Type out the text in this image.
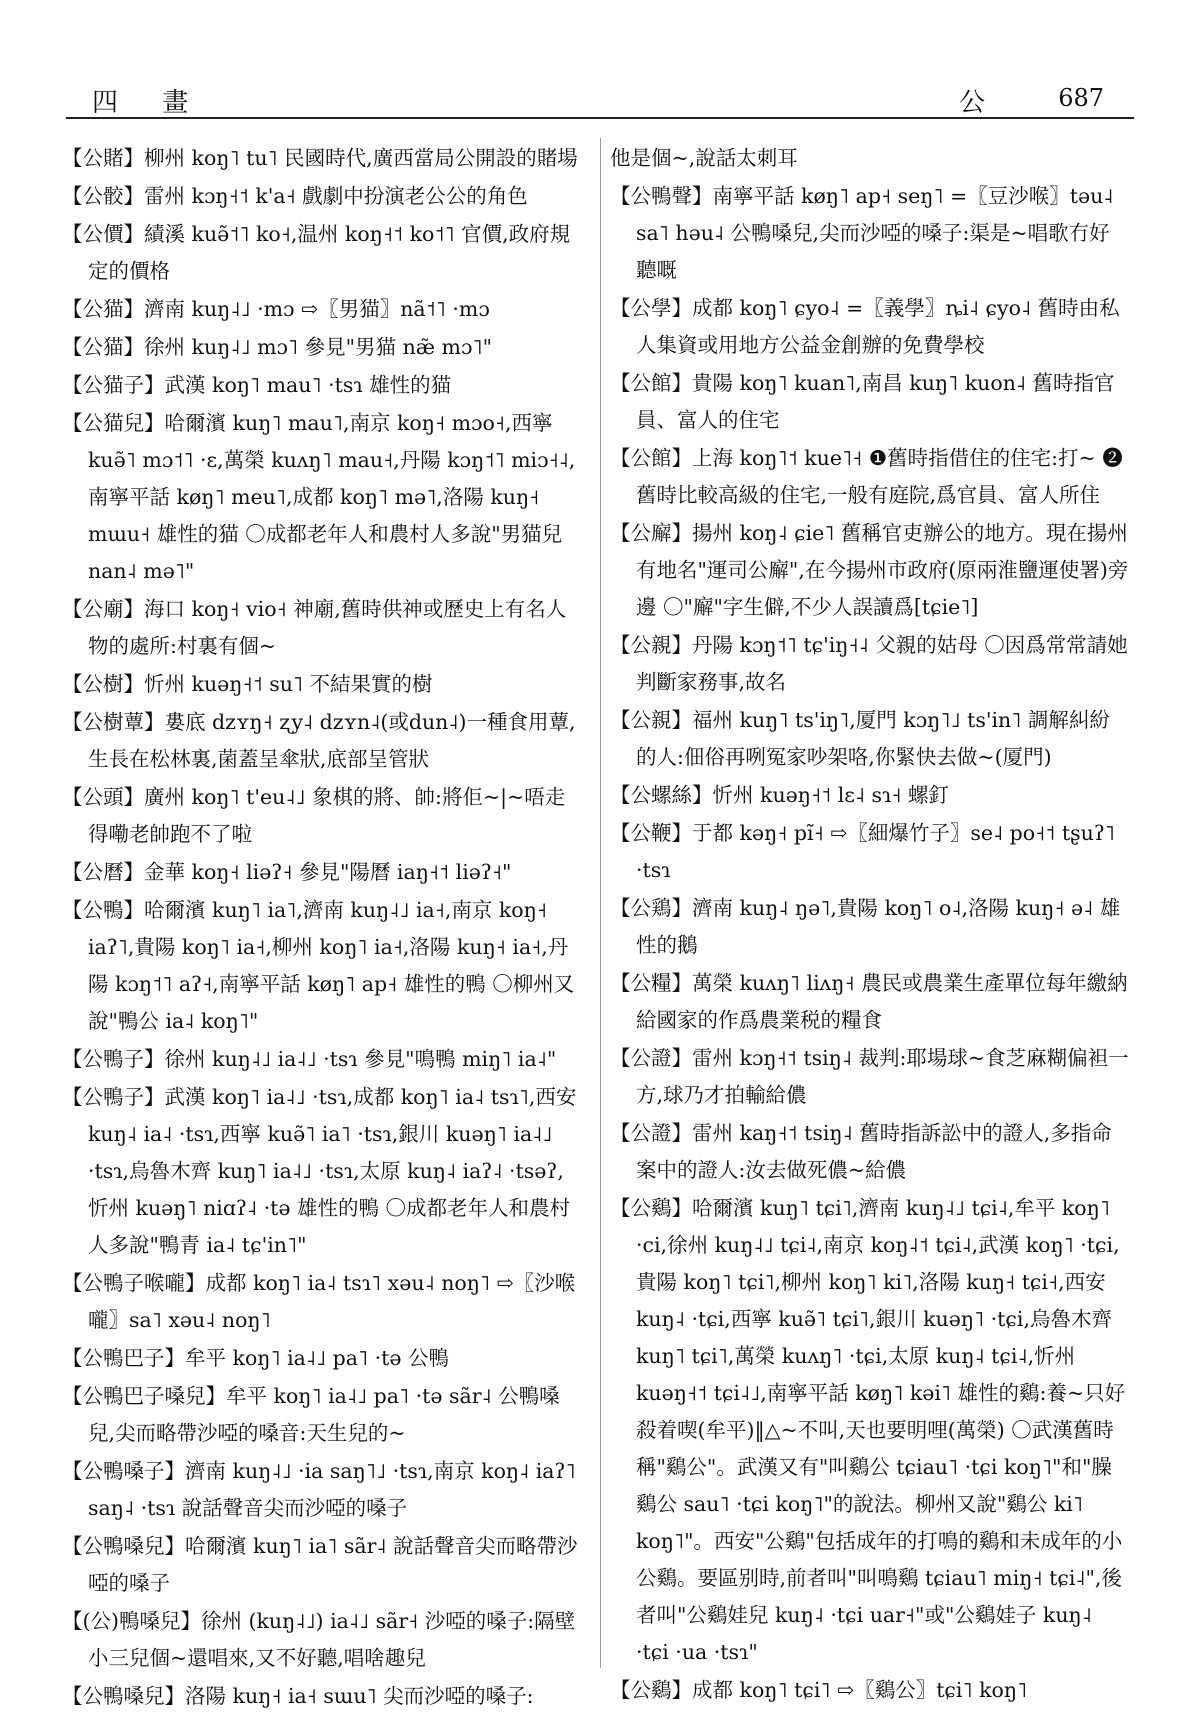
四 畫	公	687
【公賭】柳州 koŋ˥ tu˥ 民國時代,廣西當局公開設的賭場
【公骹】雷州 kɔŋ˧˦ k'a˧ 戲劇中扮演老公公的角色
【公價】績溪 kuə̃˦˥ ko˧,温州 koŋ˧˦ ko˦˥ 官價,政府規定的價格
【公猫】濟南 kuŋ˨˩ ·mɔ ⇨〖男猫〗nã˦˥ ·mɔ
【公猫】徐州 kuŋ˨˩ mɔ˥ 參見"男猫 næ̃ mɔ˥"
【公猫子】武漢 koŋ˥ mau˥ ·tsɿ 雄性的猫
【公猫兒】哈爾濱 kuŋ˥ mau˥,南京 koŋ˧ mɔo˧,西寧 kuə̃˥ mɔ˦˥ ·ε,萬榮 kuʌŋ˥ mau˧,丹陽 kɔŋ˦˥ miɔ˧˨,南寧平話 køŋ˥ meu˥,成都 koŋ˥ mə˥,洛陽 kuŋ˧ mɯu˧ 雄性的猫 〇成都老年人和農村人多說"男猫兒 nan˨ mə˥"
【公廟】海口 koŋ˧ vio˧ 神廟,舊時供神或歷史上有名人物的處所:村裏有個~
【公樹】忻州 kuəŋ˧˦ su˥ 不結果實的樹
【公樹蕈】婁底 dzʏŋ˧ ʐy˨ dzʏn˨(或dun˨)一種食用蕈,生長在松林裏,菌蓋呈傘狀,底部呈管狀
【公頭】廣州 koŋ˥ t'eu˨˩ 象棋的將、帥:將佢~|~唔走得嘞老帥跑不了啦
【公曆】金華 koŋ˧ liəʔ˧ 參見"陽曆 iaŋ˧˦ liəʔ˧"
【公鴨】哈爾濱 kuŋ˥ ia˥,濟南 kuŋ˨˩ ia˧,南京 koŋ˧ iaʔ˥,貴陽 koŋ˥ ia˧,柳州 koŋ˥ ia˧,洛陽 kuŋ˧ ia˧,丹陽 kɔŋ˦˥ aʔ˧,南寧平話 køŋ˥ ap˧ 雄性的鴨 〇柳州又說"鴨公 ia˨ koŋ˥"
【公鴨子】徐州 kuŋ˨˩ ia˨˩ ·tsɿ 參見"鳴鴨 miŋ˥ ia˨"
【公鴨子】武漢 koŋ˥ ia˨˩ ·tsɿ,成都 koŋ˥ ia˨ tsɿ˥,西安 kuŋ˨ ia˨ ·tsɿ,西寧 kuə̃˥ ia˥ ·tsɿ,銀川 kuəŋ˥ ia˨˩ ·tsɿ,烏魯木齊 kuŋ˥ ia˨˩ ·tsɿ,太原 kuŋ˨ iaʔ˨ ·tsəʔ,忻州 kuəŋ˥ niɑʔ˨ ·tə 雄性的鴨 〇成都老年人和農村人多說"鴨青 ia˨ tɕ'in˥"
【公鴨子喉嚨】成都 koŋ˥ ia˨ tsɿ˥ xəu˨ noŋ˥ ⇨〖沙喉嚨〗sa˥ xəu˨ noŋ˥
【公鴨巴子】牟平 koŋ˥ ia˨˩ pa˥ ·tə 公鴨
【公鴨巴子嗓兒】牟平 koŋ˥ ia˨˩ pa˥ ·tə sãr˨ 公鴨嗓兒,尖而略帶沙啞的嗓音:天生兒的~
【公鴨嗓子】濟南 kuŋ˨˩ ·ia saŋ˥˩ ·tsɿ,南京 koŋ˨ iaʔ˥ saŋ˨ ·tsɿ 說話聲音尖而沙啞的嗓子
【公鴨嗓兒】哈爾濱 kuŋ˥ ia˥ sãr˨ 說話聲音尖而略帶沙啞的嗓子
【(公)鴨嗓兒】徐州 (kuŋ˨˩) ia˨˩ sãr˧ 沙啞的嗓子:隔壁小三兒個~還唱來,又不好聽,唱啥趣兒
【公鴨嗓兒】洛陽 kuŋ˧ ia˧ sɯu˥ 尖而沙啞的嗓子:
他是個~,說話太刺耳
【公鴨聲】南寧平話 køŋ˥ ap˧ seŋ˥ =〖豆沙喉〗təu˨ sa˥ həu˨ 公鴨嗓兒,尖而沙啞的嗓子:渠是~唱歌冇好聽嘅
【公學】成都 koŋ˥ ɕyo˨ =〖義學〗ȵi˨ ɕyo˨ 舊時由私人集資或用地方公益金創辦的免費學校
【公館】貴陽 koŋ˥ kuan˥,南昌 kuŋ˥ kuon˨ 舊時指官員、富人的住宅
【公館】上海 koŋ˥˦ kue˥˧ ❶舊時指借住的住宅:打~ ❷舊時比較高級的住宅,一般有庭院,爲官員、富人所住
【公廨】揚州 koŋ˨ ɕie˥ 舊稱官吏辦公的地方。現在揚州有地名"運司公廨",在今揚州市政府(原兩淮鹽運使署)旁邊 〇"廨"字生僻,不少人誤讀爲[tɕie˥]
【公親】丹陽 kɔŋ˦˥ tɕ'iŋ˧˨ 父親的姑母 〇因爲常常請她判斷家務事,故名
【公親】福州 kuŋ˥ ts'iŋ˥,厦門 kɔŋ˥˩ ts'in˥ 調解糾紛的人:佃俗再咧冤家吵架咯,你緊快去做~(厦門)
【公螺絲】忻州 kuəŋ˧˦ lε˨ sɿ˧ 螺釘
【公鞭】于都 kəŋ˧ pĩ˧ ⇨〖細爆竹子〗se˨ po˧˦ tʂuʔ˥ ·tsɿ
【公鶏】濟南 kuŋ˨ ŋə˥,貴陽 koŋ˥ o˨,洛陽 kuŋ˧ ə˨ 雄性的鵝
【公糧】萬榮 kuʌŋ˥ liʌŋ˧ 農民或農業生產單位每年繳納給國家的作爲農業税的糧食
【公證】雷州 kɔŋ˧˦ tsiŋ˨ 裁判:耶場球~食芝麻糊偏袒一方,球乃才拍輸給儂
【公證】雷州 kaŋ˧˦ tsiŋ˨ 舊時指訴訟中的證人,多指命案中的證人:汝去做死儂~給儂
【公鷄】哈爾濱 kuŋ˥ tɕi˥,濟南 kuŋ˨˩ tɕi˨,牟平 koŋ˥ ·ci,徐州 kuŋ˨˩ tɕi˨,南京 koŋ˨˦ tɕi˨,武漢 koŋ˥ ·tɕi,貴陽 koŋ˥ tɕi˥,柳州 koŋ˥ ki˥,洛陽 kuŋ˧ tɕi˧,西安 kuŋ˨ ·tɕi,西寧 kuə̃˥ tɕi˥,銀川 kuəŋ˥ ·tɕi,烏魯木齊 kuŋ˥ tɕi˥,萬榮 kuʌŋ˥ ·tɕi,太原 kuŋ˨ tɕi˨,忻州 kuəŋ˧˦ tɕi˨˩,南寧平話 køŋ˥ kəi˥ 雄性的鷄:養~只好殺着喫(牟平)‖△~不叫,天也要明哩(萬榮) 〇武漢舊時稱"鷄公"。武漢又有"叫鷄公 tɕiau˥ ·tɕi koŋ˥"和"臊鷄公 sau˥ ·tɕi koŋ˥"的說法。柳州又說"鷄公 ki˥ koŋ˥"。西安"公鷄"包括成年的打鳴的鷄和未成年的小公鷄。要區别時,前者叫"叫鳴鷄 tɕiau˥ miŋ˧ tɕi˨",後者叫"公鷄娃兒 kuŋ˨ ·tɕi uar˧"或"公鷄娃子 kuŋ˨ ·tɕi ·ua ·tsɿ"
【公鷄】成都 koŋ˥ tɕi˥ ⇨〖鷄公〗tɕi˥ koŋ˥
